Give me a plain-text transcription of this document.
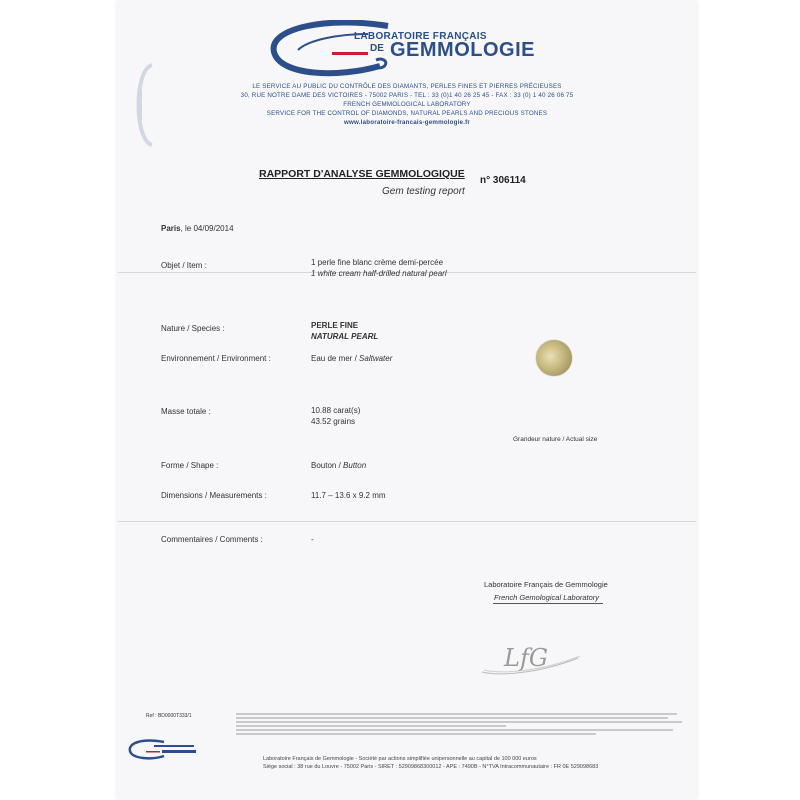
LABORATOIRE FRANÇAIS
DE GEMMOLOGIE
LE SERVICE AU PUBLIC DU CONTRÔLE DES DIAMANTS, PERLES FINES ET PIERRES PRÉCIEUSES
30, RUE NOTRE DAME DES VICTOIRES - 75002 PARIS - TEL : 33 (0)1 40 26 25 45 - FAX : 33 (0) 1 40 26 06 75
FRENCH GEMMOLOGICAL LABORATORY
SERVICE FOR THE CONTROL OF DIAMONDS, NATURAL PEARLS AND PRECIOUS STONES
www.laboratoire-francais-gemmologie.fr
RAPPORT D'ANALYSE GEMMOLOGIQUE
n° 306114
Gem testing report
Paris, le 04/09/2014
Objet / Item :	1 perle fine blanc crème demi-percée
1 white cream half-drilled natural pearl
Nature / Species :	PERLE FINE
NATURAL PEARL
Environnement / Environment :	Eau de mer / Saltwater
Masse totale :	10.88 carat(s)
43.52 grains
Grandeur nature / Actual size
Forme / Shape :	Bouton / Button
Dimensions / Measurements :	11.7 – 13.6 x 9.2 mm
Commentaires / Comments :	-
Laboratoire Français de Gemmologie
French Gemological Laboratory
LfG
Ref : BD0000T333/1
Laboratoire Français de Gemmologie - Société par actions simplifiée unipersonnelle au capital de 100 000 euros
Siège social : 38 rue du Louvre - 75002 Paris - SIRET : 52909868300012 - APE : 7490B - N°TVA Intracommunautaire : FR 0E 529098683
